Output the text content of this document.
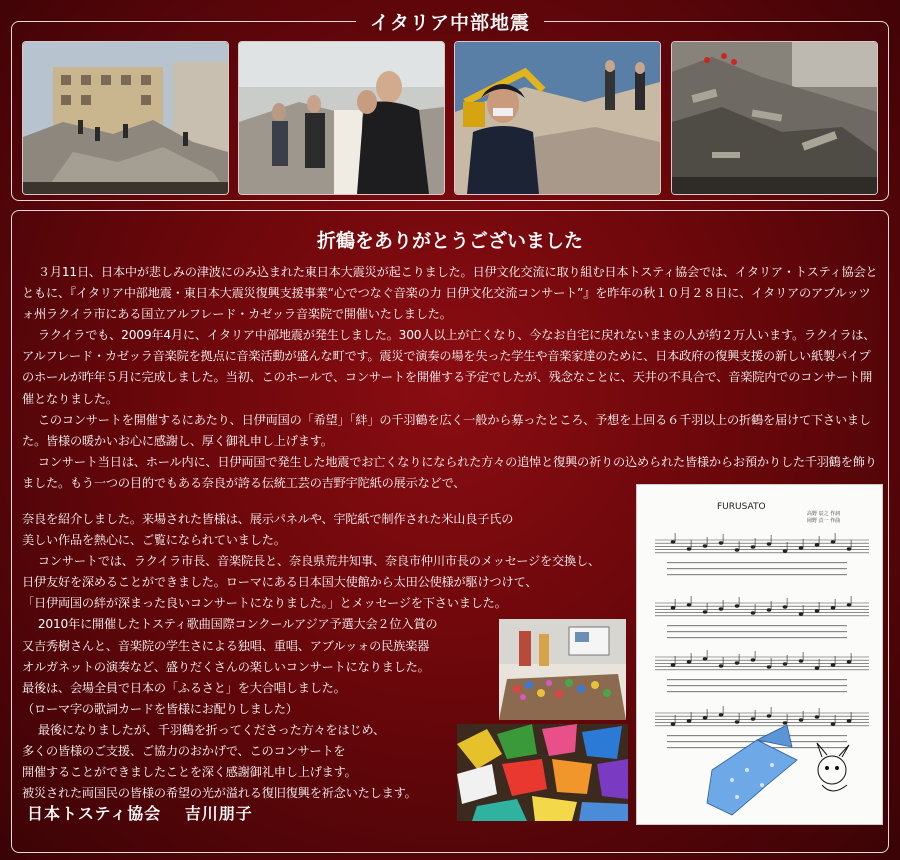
イタリア中部地震
折鶴をありがとうございました

３月11日、日本中が悲しみの津波にのみ込まれた東日本大震災が起こりました。日伊文化交流に取り組む日本トスティ協会では、イタリア・トスティ協会とともに、『イタリア中部地震・東日本大震災復興支援事業“心でつなぐ音楽の力 日伊文化交流コンサート”』を昨年の秋１０月２８日に、イタリアのアブルッツォ州ラクイラ市にある国立アルフレード・カゼッラ音楽院で開催いたしました。

ラクイラでも、2009年4月に、イタリア中部地震が発生しました。300人以上が亡くなり、今なお自宅に戻れないままの人が約２万人います。ラクイラは、アルフレード・カゼッラ音楽院を拠点に音楽活動が盛んな町です。震災で演奏の場を失った学生や音楽家達のために、日本政府の復興支援の新しい紙製パイプのホールが昨年５月に完成しました。当初、このホールで、コンサートを開催する予定でしたが、残念なことに、天井の不具合で、音楽院内でのコンサート開催となりました。

このコンサートを開催するにあたり、日伊両国の「希望」「絆」の千羽鶴を広く一般から募ったところ、予想を上回る６千羽以上の折鶴を届けて下さいました。皆様の暖かいお心に感謝し、厚く御礼申し上げます。

コンサート当日は、ホール内に、日伊両国で発生した地震でお亡くなりになられた方々の追悼と復興の祈りの込められた皆様からお預かりした千羽鶴を飾りました。もう一つの目的でもある奈良が誇る伝統工芸の吉野宇陀紙の展示などで、

奈良を紹介しました。来場された皆様は、展示パネルや、宇陀紙で制作された米山良子氏の

美しい作品を熱心に、ご覧になられていました。

コンサートでは、ラクイラ市長、音楽院長と、奈良県荒井知事、奈良市仲川市長のメッセージを交換し、

日伊友好を深めることができました。ローマにある日本国大使館から太田公使様が駆けつけて、

「日伊両国の絆が深まった良いコンサートになりました。」とメッセージを下さいました。

2010年に開催したトスティ歌曲国際コンクールアジア予選大会２位入賞の

又吉秀樹さんと、音楽院の学生さによる独唱、重唱、アブルッォの民族楽器

オルガネットの演奏など、盛りだくさんの楽しいコンサートになりました。

最後は、会場全員で日本の「ふるさと」を大合唱しました。

（ローマ字の歌詞カードを皆様にお配りしました）

最後になりましたが、千羽鶴を折ってくださった方々をはじめ、

多くの皆様のご支援、ご協力のおかげで、このコンサートを

開催することができましたことを深く感謝御礼申し上げます。

被災された両国民の皆様の希望の光が溢れる復旧復興を祈念いたします。

日本トスティ協会　 吉川朋子
FURUSATO
高野 辰之 作詞
岡野 貞一 作曲
